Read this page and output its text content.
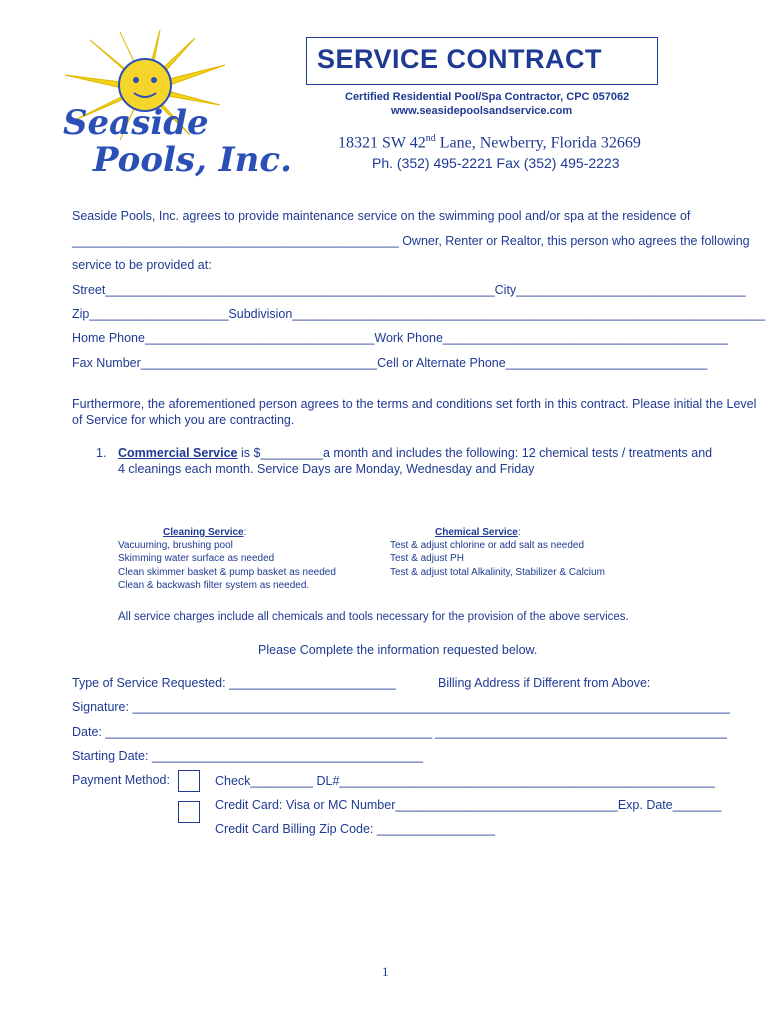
Seaside
Pools, Inc.
SERVICE CONTRACT
Certified Residential Pool/Spa Contractor, CPC 057062
www.seasidepoolsandservice.com
18321 SW 42nd Lane, Newberry, Florida 32669
Ph. (352) 495-2221 Fax (352) 495-2223
Seaside Pools, Inc. agrees to provide maintenance service on the swimming pool and/or spa at the residence of
_______________________________________________ Owner, Renter or Realtor, this person who agrees the following
service to be provided at:
Street________________________________________________________City_________________________________
Zip____________________Subdivision____________________________________________________________________
Home Phone_________________________________Work Phone_________________________________________
Fax Number__________________________________Cell or Alternate Phone_____________________________
Furthermore, the aforementioned person agrees to the terms and conditions set forth in this contract. Please initial the Level
of Service for which you are contracting.
1. Commercial Service is $_________a month and includes the following: 12 chemical tests / treatments and
4 cleanings each month. Service Days are Monday, Wednesday and Friday
Cleaning Service:
Vacuuming, brushing pool
Skimming water surface as needed
Clean skimmer basket & pump basket as needed
Clean & backwash filter system as needed.
Chemical Service:
Test & adjust chlorine or add salt as needed
Test & adjust PH
Test & adjust total Alkalinity, Stabilizer & Calcium
All service charges include all chemicals and tools necessary for the provision of the above services.
Please Complete the information requested below.
Type of Service Requested: ________________________	Billing Address if Different from Above:
Signature: ____________________________________________ __________________________________________
Date: _______________________________________________ __________________________________________
Starting Date: _______________________________________
Payment Method:	Check_________ DL#______________________________________________________
Credit Card: Visa or MC Number________________________________Exp. Date_______
Credit Card Billing Zip Code: _________________
1
